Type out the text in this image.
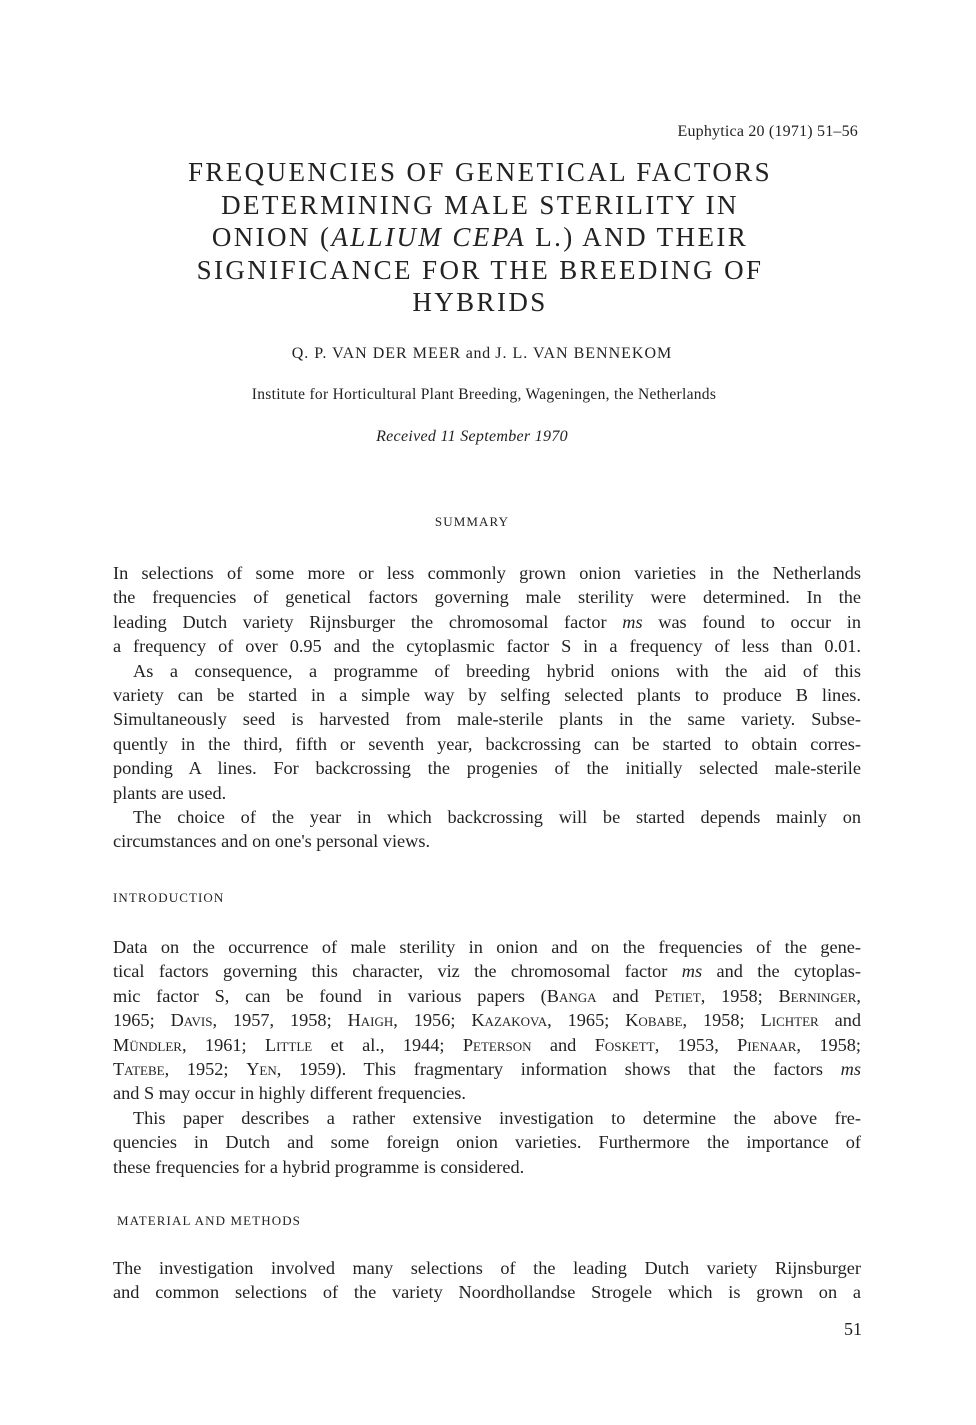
Euphytica 20 (1971) 51–56
FREQUENCIES OF GENETICAL FACTORS
DETERMINING MALE STERILITY IN
ONION (ALLIUM CEPA L.) AND THEIR
SIGNIFICANCE FOR THE BREEDING OF
HYBRIDS
Q. P. VAN DER MEER and J. L. VAN BENNEKOM
Institute for Horticultural Plant Breeding, Wageningen, the Netherlands
Received 11 September 1970
SUMMARY
In selections of some more or less commonly grown onion varieties in the Netherlands
the frequencies of genetical factors governing male sterility were determined. In the
leading Dutch variety Rijnsburger the chromosomal factor ms was found to occur in
a frequency of over 0.95 and the cytoplasmic factor S in a frequency of less than 0.01.
As a consequence, a programme of breeding hybrid onions with the aid of this
variety can be started in a simple way by selfing selected plants to produce B lines.
Simultaneously seed is harvested from male-sterile plants in the same variety. Subse-
quently in the third, fifth or seventh year, backcrossing can be started to obtain corres-
ponding A lines. For backcrossing the progenies of the initially selected male-sterile
plants are used.
The choice of the year in which backcrossing will be started depends mainly on
circumstances and on one's personal views.
INTRODUCTION
Data on the occurrence of male sterility in onion and on the frequencies of the gene-
tical factors governing this character, viz the chromosomal factor ms and the cytoplas-
mic factor S, can be found in various papers (Banga and Petiet, 1958; Berninger,
1965; Davis, 1957, 1958; Haigh, 1956; Kazakova, 1965; Kobabe, 1958; Lichter and
Mündler, 1961; Little et al., 1944; Peterson and Foskett, 1953, Pienaar, 1958;
Tatebe, 1952; Yen, 1959). This fragmentary information shows that the factors ms
and S may occur in highly different frequencies.
This paper describes a rather extensive investigation to determine the above fre-
quencies in Dutch and some foreign onion varieties. Furthermore the importance of
these frequencies for a hybrid programme is considered.
MATERIAL AND METHODS
The investigation involved many selections of the leading Dutch variety Rijnsburger
and common selections of the variety Noordhollandse Strogele which is grown on a
51
